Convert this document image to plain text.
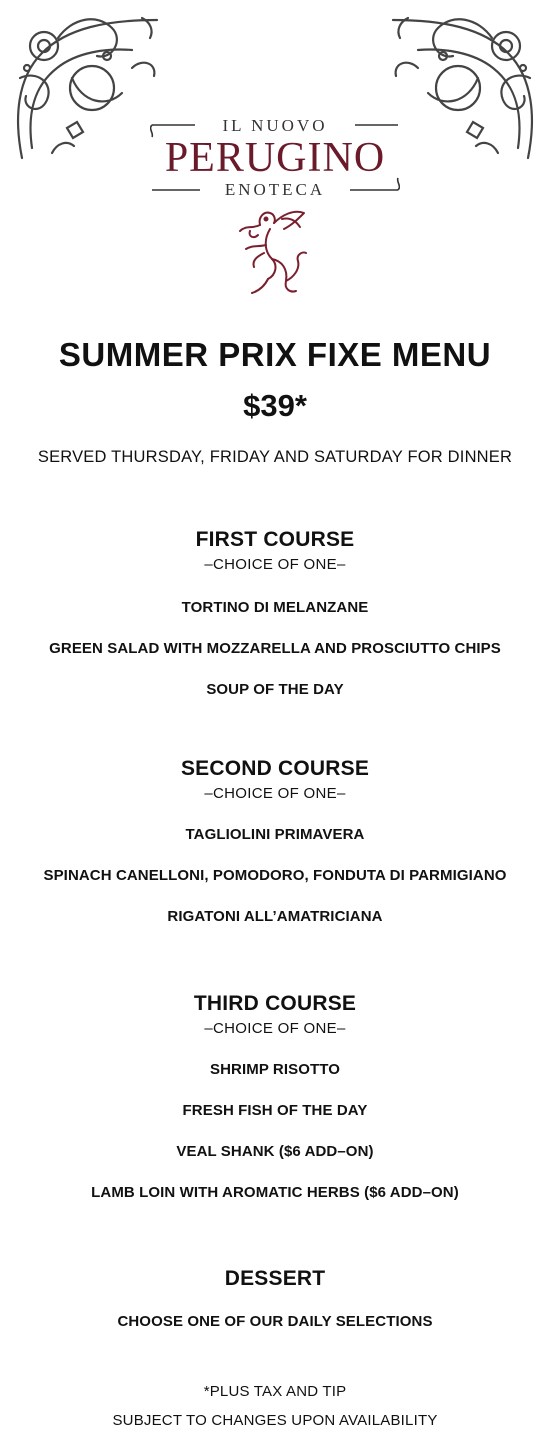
IL NUOVO
PERUGINO
ENOTECA
SUMMER PRIX FIXE MENU
$39*
SERVED THURSDAY, FRIDAY AND SATURDAY FOR DINNER
FIRST COURSE
–CHOICE OF ONE–
TORTINO DI MELANZANE
GREEN SALAD WITH MOZZARELLA AND PROSCIUTTO CHIPS
SOUP OF THE DAY
SECOND COURSE
–CHOICE OF ONE–
TAGLIOLINI PRIMAVERA
SPINACH CANELLONI, POMODORO, FONDUTA DI PARMIGIANO
RIGATONI ALL’AMATRICIANA
THIRD COURSE
–CHOICE OF ONE–
SHRIMP RISOTTO
FRESH FISH OF THE DAY
VEAL SHANK ($6 ADD–ON)
LAMB LOIN WITH AROMATIC HERBS ($6 ADD–ON)
DESSERT
CHOOSE ONE OF OUR DAILY SELECTIONS
*PLUS TAX AND TIP
SUBJECT TO CHANGES UPON AVAILABILITY
